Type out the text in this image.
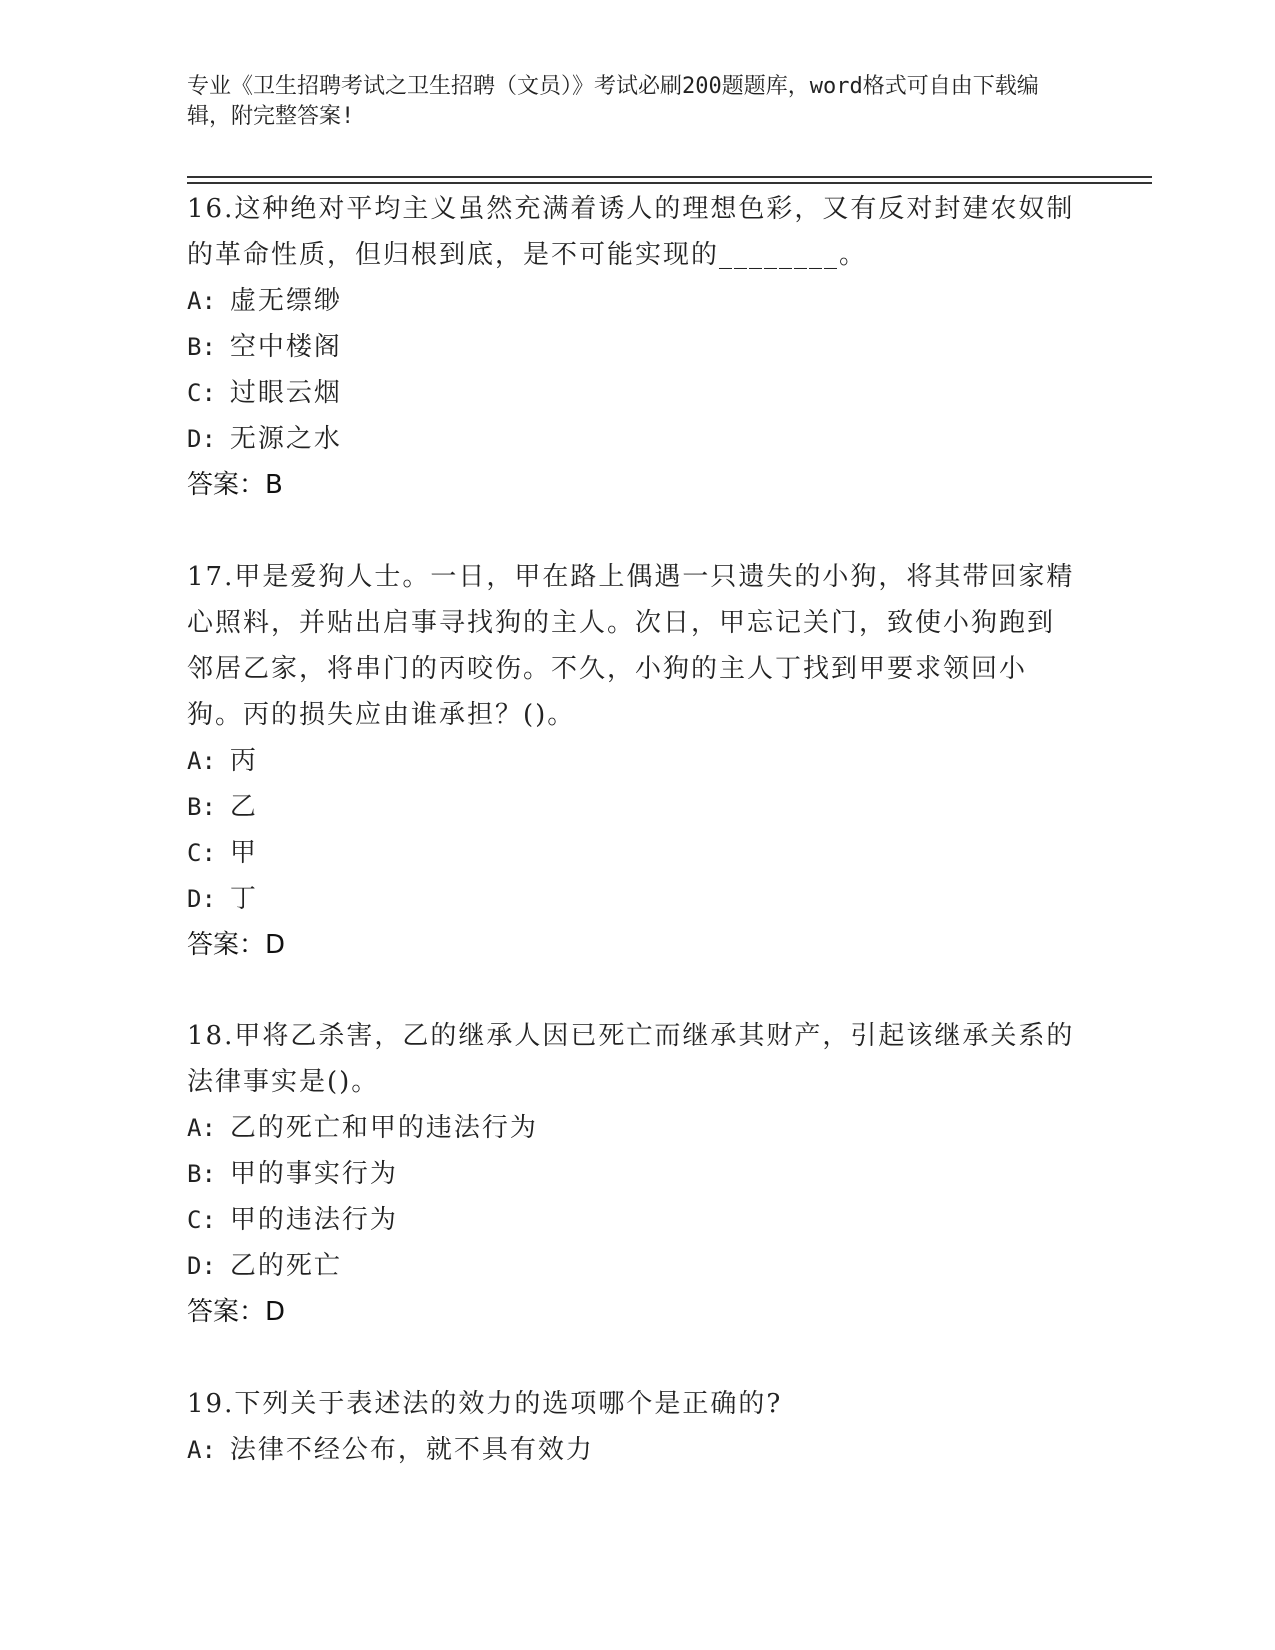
专业《卫生招聘考试之卫生招聘（文员）》考试必刷200题题库，word格式可自由下载编辑，附完整答案!
16.这种绝对平均主义虽然充满着诱人的理想色彩，又有反对封建农奴制的革命性质，但归根到底，是不可能实现的________。
A: 虚无缥缈
B: 空中楼阁
C: 过眼云烟
D: 无源之水
答案：B
17.甲是爱狗人士。一日，甲在路上偶遇一只遗失的小狗，将其带回家精心照料，并贴出启事寻找狗的主人。次日，甲忘记关门，致使小狗跑到邻居乙家，将串门的丙咬伤。不久，小狗的主人丁找到甲要求领回小狗。丙的损失应由谁承担？()。
A: 丙
B: 乙
C: 甲
D: 丁
答案：D
18.甲将乙杀害，乙的继承人因已死亡而继承其财产，引起该继承关系的法律事实是()。
A: 乙的死亡和甲的违法行为
B: 甲的事实行为
C: 甲的违法行为
D: 乙的死亡
答案：D
19.下列关于表述法的效力的选项哪个是正确的?
A: 法律不经公布，就不具有效力
